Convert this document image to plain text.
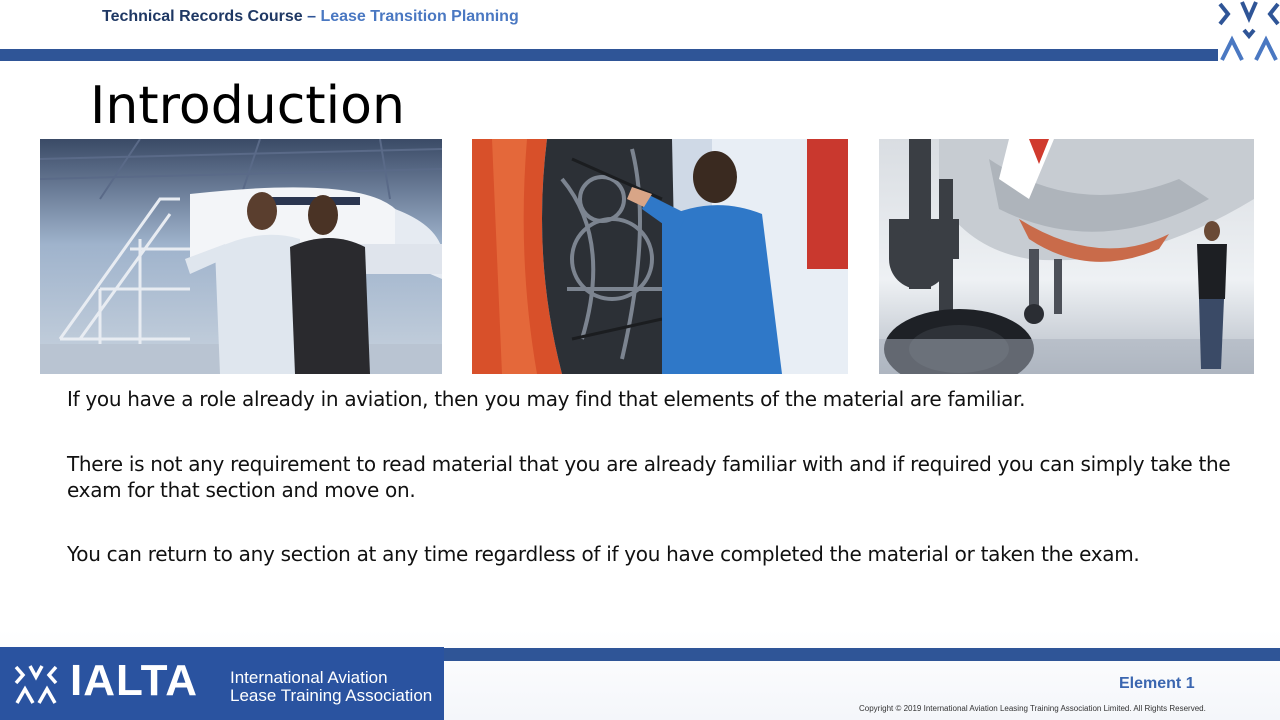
Technical Records Course – Lease Transition Planning
Introduction

If you have a role already in aviation, then you may find that elements of the material are familiar.

There is not any requirement to read material that you are already familiar with and if required you can simply take the exam for that section and move on.

You can return to any section at any time regardless of if you have completed the material or taken the exam.

IALTA International Aviation
Lease Training Association
Element 1
Copyright © 2019 International Aviation Leasing Training Association Limited. All Rights Reserved.
